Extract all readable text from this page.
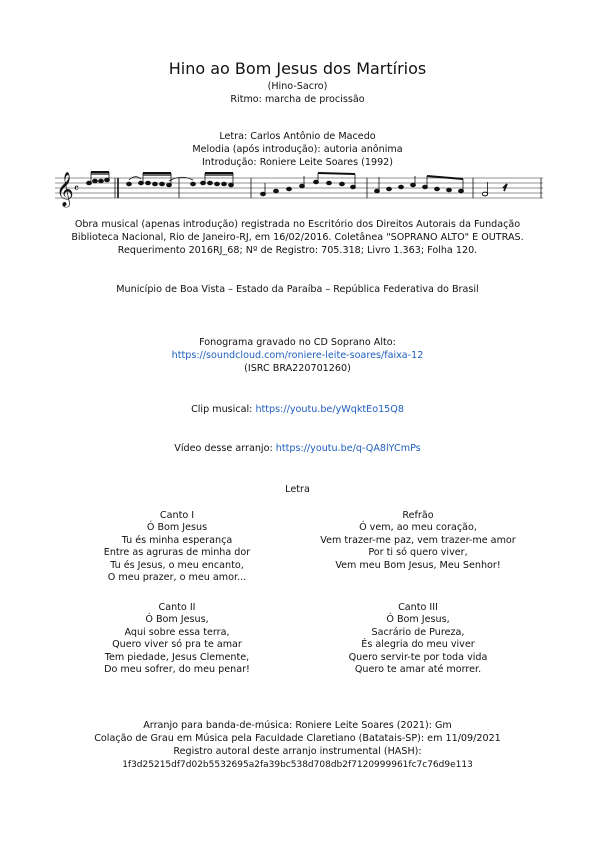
Hino ao Bom Jesus dos Martírios
(Hino-Sacro)
Ritmo: marcha de procissão
Letra: Carlos Antônio de Macedo
Melodia (após introdução): autoria anônima
Introdução: Roniere Leite Soares (1992)
𝄞 𝄴
Obra musical (apenas introdução) registrada no Escritório dos Direitos Autorais da Fundação
Biblioteca Nacional, Rio de Janeiro-RJ, em 16/02/2016. Coletânea "SOPRANO ALTO" E OUTRAS.
Requerimento 2016RJ_68; Nº de Registro: 705.318; Livro 1.363; Folha 120.
Município de Boa Vista – Estado da Paraíba – República Federativa do Brasil
Fonograma gravado no CD Soprano Alto:
https://soundcloud.com/roniere-leite-soares/faixa-12
(ISRC BRA220701260)
Clip musical: https://youtu.be/yWqktEo15Q8
Vídeo desse arranjo: https://youtu.be/q-QA8lYCmPs
Letra
Canto I
Ó Bom Jesus
Tu és minha esperança
Entre as agruras de minha dor
Tu és Jesus, o meu encanto,
O meu prazer, o meu amor...
Refrão
Ó vem, ao meu coração,
Vem trazer-me paz, vem trazer-me amor
Por ti só quero viver,
Vem meu Bom Jesus, Meu Senhor!
Canto II
Ó Bom Jesus,
Aqui sobre essa terra,
Quero viver só pra te amar
Tem piedade, Jesus Clemente,
Do meu sofrer, do meu penar!
Canto III
Ó Bom Jesus,
Sacrário de Pureza,
És alegria do meu viver
Quero servir-te por toda vida
Quero te amar até morrer.
Arranjo para banda-de-música: Roniere Leite Soares (2021): Gm
Colação de Grau em Música pela Faculdade Claretiano (Batatais-SP): em 11/09/2021
Registro autoral deste arranjo instrumental (HASH):
1f3d25215df7d02b5532695a2fa39bc538d708db2f7120999961fc7c76d9e113
